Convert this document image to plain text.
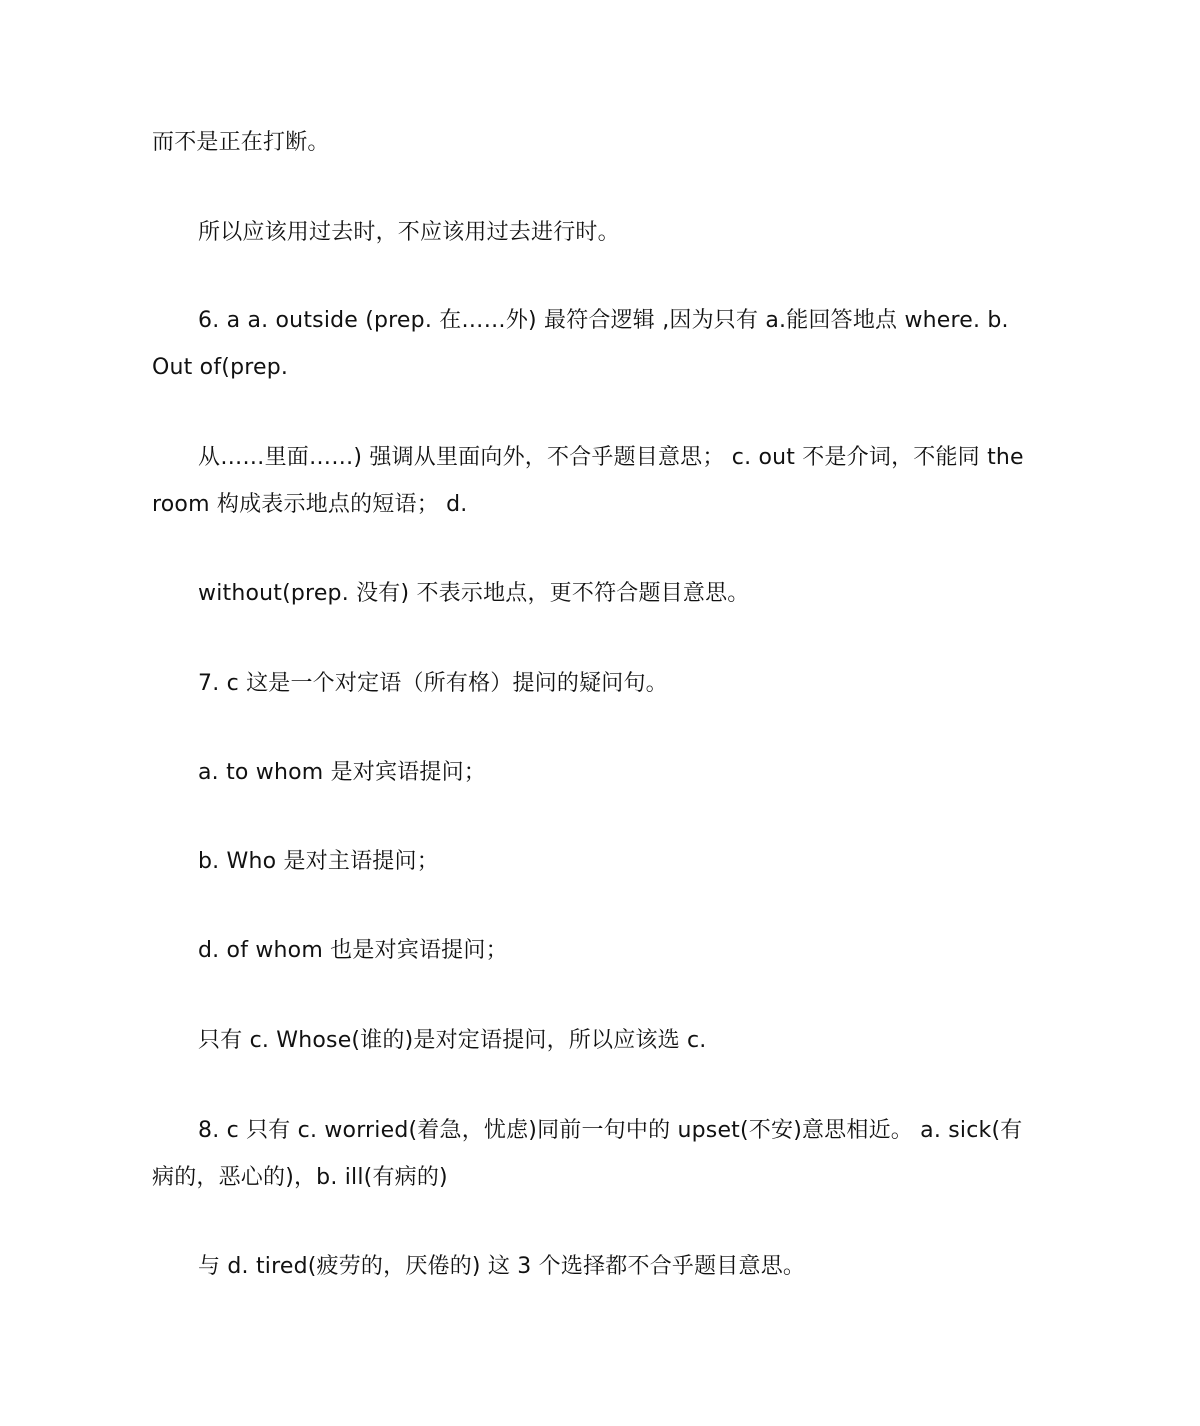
而不是正在打断。
所以应该用过去时，不应该用过去进行时。
6. a a. outside (prep. 在……外) 最符合逻辑 ,因为只有 a.能回答地点 where. b.
Out of(prep.
从……里面……) 强调从里面向外，不合乎题目意思； c. out 不是介词，不能同 the
room 构成表示地点的短语； d.
without(prep. 没有) 不表示地点，更不符合题目意思。
7. c 这是一个对定语（所有格）提问的疑问句。
a. to whom 是对宾语提问；
b. Who 是对主语提问；
d. of whom 也是对宾语提问；
只有 c. Whose(谁的)是对定语提问，所以应该选 c.
8. c 只有 c. worried(着急，忧虑)同前一句中的 upset(不安)意思相近。 a. sick(有
病的，恶心的)，b. ill(有病的)
与 d. tired(疲劳的，厌倦的) 这 3 个选择都不合乎题目意思。
